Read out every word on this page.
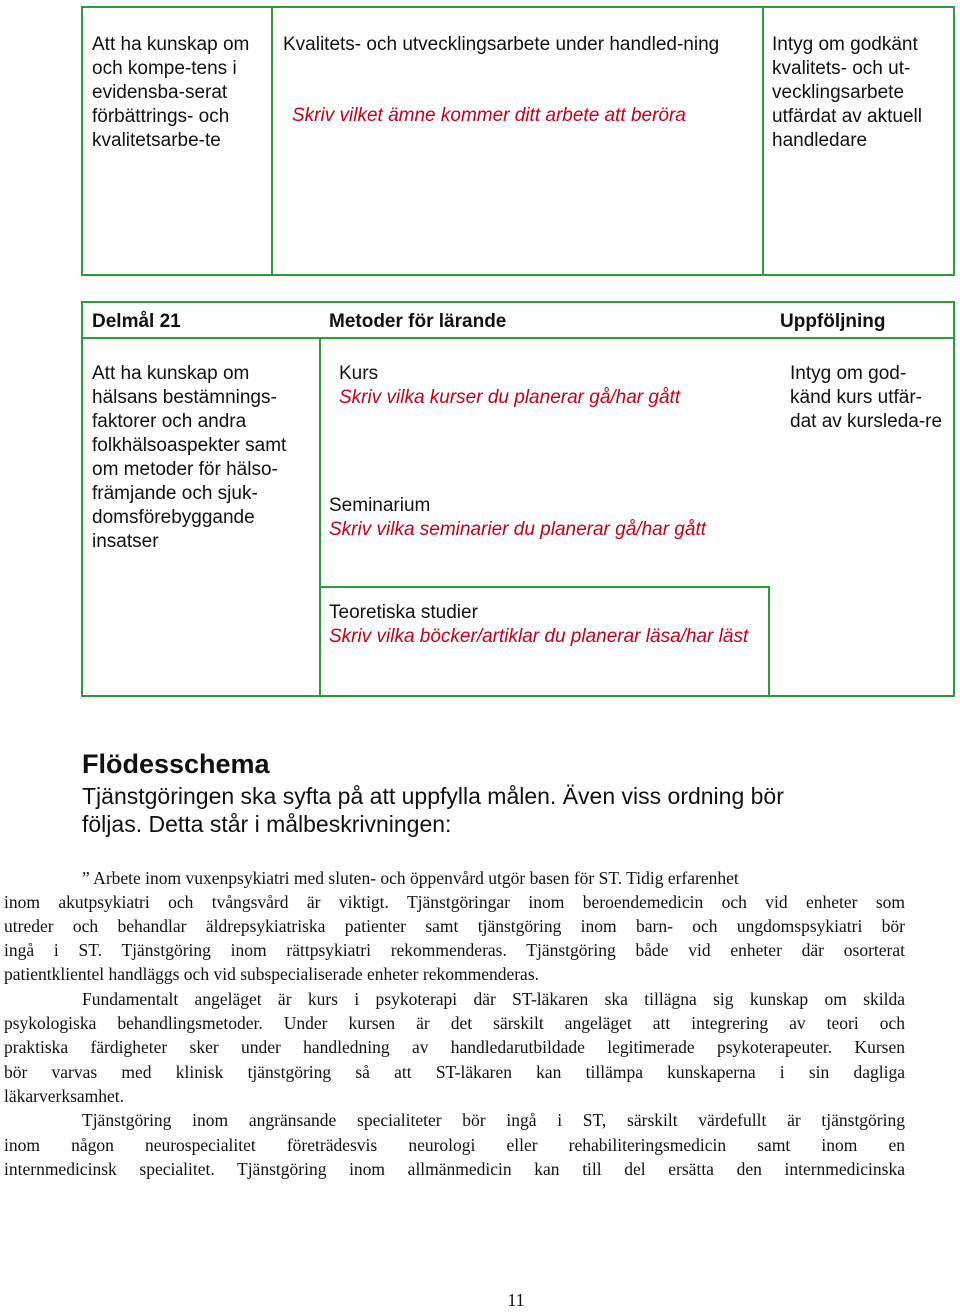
Att ha kunskap om och kompe-tens i evidensba-serat förbättrings- och kvalitetsarbe-te
Kvalitets- och utvecklingsarbete under handled-ning
Skriv vilket ämne kommer ditt arbete att beröra
Intyg om godkänt kvalitets- och ut-vecklingsarbete utfärdat av aktuell handledare
Delmål 21	Metoder för lärande	Uppföljning
Att ha kunskap om hälsans bestämnings-faktorer och andra folkhälsoaspekter samt om metoder för hälso-främjande och sjuk-domsförebyggande insatser
Kurs
Skriv vilka kurser du planerar gå/har gått
Seminarium
Skriv vilka seminarier du planerar gå/har gått
Teoretiska studier
Skriv vilka böcker/artiklar du planerar läsa/har läst
Intyg om god-känd kurs utfär-dat av kursleda-re
Flödesschema
Tjänstgöringen ska syfta på att uppfylla målen. Även viss ordning bör
följas. Detta står i målbeskrivningen:
” Arbete inom vuxenpsykiatri med sluten- och öppenvård utgör basen för ST. Tidig erfarenhet
inom akutpsykiatri och tvångsvård är viktigt. Tjänstgöringar inom beroendemedicin och vid enheter som
utreder och behandlar äldrepsykiatriska patienter samt tjänstgöring inom barn- och ungdomspsykiatri bör
ingå i ST. Tjänstgöring inom rättpsykiatri rekommenderas. Tjänstgöring både vid enheter där osorterat
patientklientel handläggs och vid subspecialiserade enheter rekommenderas.
Fundamentalt angeläget är kurs i psykoterapi där ST-läkaren ska tillägna sig kunskap om skilda
psykologiska behandlingsmetoder. Under kursen är det särskilt angeläget att integrering av teori och
praktiska färdigheter sker under handledning av handledarutbildade legitimerade psykoterapeuter. Kursen
bör varvas med klinisk tjänstgöring så att ST-läkaren kan tillämpa kunskaperna i sin dagliga
läkarverksamhet.
Tjänstgöring inom angränsande specialiteter bör ingå i ST, särskilt värdefullt är tjänstgöring
inom någon neurospecialitet företrädesvis neurologi eller rehabiliteringsmedicin samt inom en
internmedicinsk specialitet. Tjänstgöring inom allmänmedicin kan till del ersätta den internmedicinska
11
